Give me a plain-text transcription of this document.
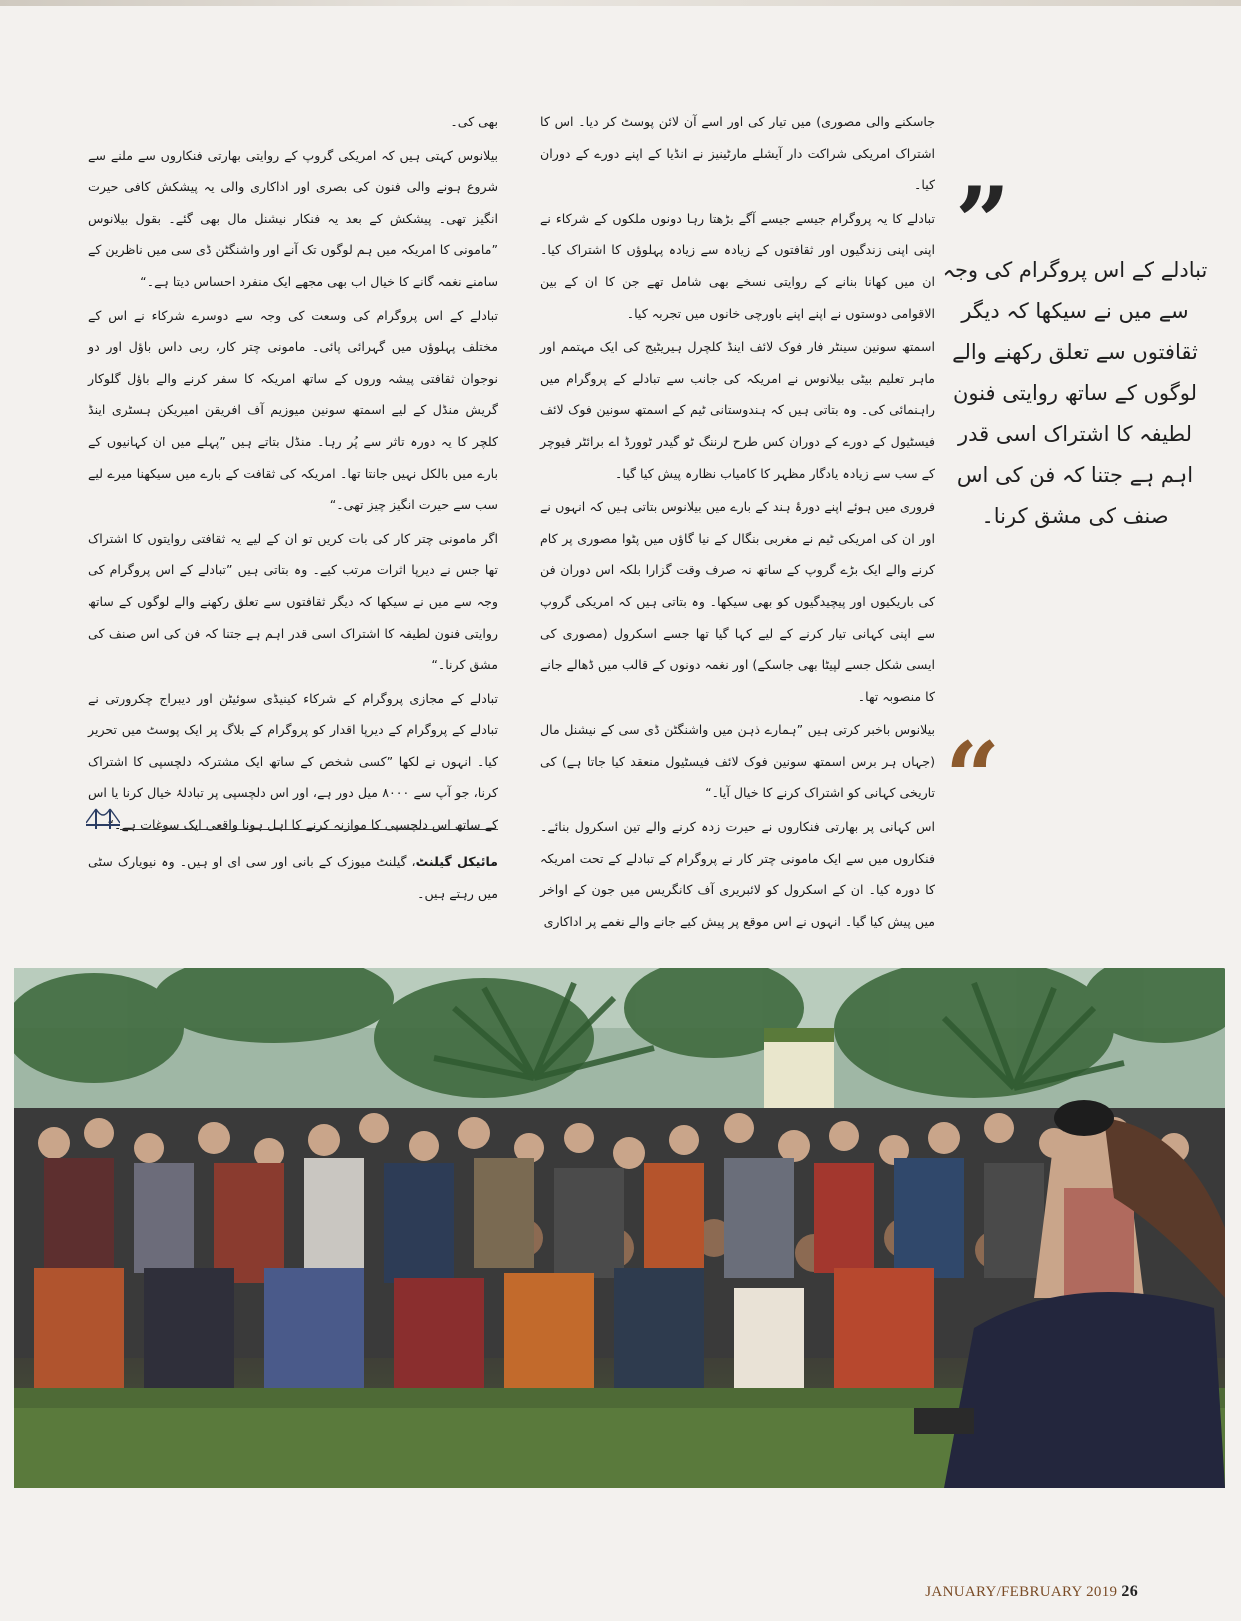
جاسکنے والی مصوری) میں تیار کی اور اسے آن لائن پوسٹ کر دیا۔ اس کا اشتراک امریکی شراکت دار آیشلے مارٹینیز نے انڈیا کے اپنے دورے کے دوران کیا۔

تبادلے کا یہ پروگرام جیسے جیسے آگے بڑھتا رہا دونوں ملکوں کے شرکاء نے اپنی اپنی زندگیوں اور ثقافتوں کے زیادہ سے زیادہ پہلوؤں کا اشتراک کیا۔ ان میں کھانا بنانے کے روایتی نسخے بھی شامل تھے جن کا ان کے بین الاقوامی دوستوں نے اپنے اپنے باورچی خانوں میں تجربہ کیا۔

اسمتھ سونین سینٹر فار فوک لائف اینڈ کلچرل ہیریٹیج کی ایک مہتمم اور ماہر تعلیم بیٹی بیلانوس نے امریکہ کی جانب سے تبادلے کے پروگرام میں راہنمائی کی۔ وہ بتاتی ہیں کہ ہندوستانی ٹیم کے اسمتھ سونین فوک لائف فیسٹیول کے دورے کے دوران کس طرح لرننگ ٹو گیدر ٹوورڈ اے برائٹر فیوچر کے سب سے زیادہ یادگار مظہر کا کامیاب نظارہ پیش کیا گیا۔

فروری میں ہوئے اپنے دورۂ ہند کے بارے میں بیلانوس بتاتی ہیں کہ انہوں نے اور ان کی امریکی ٹیم نے مغربی بنگال کے نیا گاؤں میں پٹوا مصوری پر کام کرنے والے ایک بڑے گروپ کے ساتھ نہ صرف وقت گزارا بلکہ اس دوران فن کی باریکیوں اور پیچیدگیوں کو بھی سیکھا۔ وہ بتاتی ہیں کہ امریکی گروپ سے اپنی کہانی تیار کرنے کے لیے کہا گیا تھا جسے اسکرول (مصوری کی ایسی شکل جسے لپیٹا بھی جاسکے) اور نغمہ دونوں کے قالب میں ڈھالے جانے کا منصوبہ تھا۔

بیلانوس باخبر کرتی ہیں ”ہمارے ذہن میں واشنگٹن ڈی سی کے نیشنل مال (جہاں ہر برس اسمتھ سونین فوک لائف فیسٹیول منعقد کیا جاتا ہے) کی تاریخی کہانی کو اشتراک کرنے کا خیال آیا۔“

اس کہانی پر بھارتی فنکاروں نے حیرت زدہ کرنے والے تین اسکرول بنائے۔ فنکاروں میں سے ایک مامونی چتر کار نے پروگرام کے تبادلے کے تحت امریکہ کا دورہ کیا۔ ان کے اسکرول کو لائبریری آف کانگریس میں جون کے اواخر میں پیش کیا گیا۔ انہوں نے اس موقع پر پیش کیے جانے والے نغمے پر اداکاری

بھی کی۔

بیلانوس کہتی ہیں کہ امریکی گروپ کے روایتی بھارتی فنکاروں سے ملنے سے شروع ہونے والی فنون کی بصری اور اداکاری والی یہ پیشکش کافی حیرت انگیز تھی۔ پیشکش کے بعد یہ فنکار نیشنل مال بھی گئے۔ بقول بیلانوس ”مامونی کا امریکہ میں ہم لوگوں تک آنے اور واشنگٹن ڈی سی میں ناظرین کے سامنے نغمہ گانے کا خیال اب بھی مجھے ایک منفرد احساس دیتا ہے۔“

تبادلے کے اس پروگرام کی وسعت کی وجہ سے دوسرے شرکاء نے اس کے مختلف پہلوؤں میں گہرائی پائی۔ مامونی چتر کار، ربی داس باؤل اور دو نوجوان ثقافتی پیشہ وروں کے ساتھ امریکہ کا سفر کرنے والے باؤل گلوکار گریش منڈل کے لیے اسمتھ سونین میوزیم آف افریقن امیریکن ہسٹری اینڈ کلچر کا یہ دورہ تاثر سے پُر رہا۔ منڈل بتاتے ہیں ”پہلے میں ان کہانیوں کے بارے میں بالکل نہیں جانتا تھا۔ امریکہ کی ثقافت کے بارے میں سیکھنا میرے لیے سب سے حیرت انگیز چیز تھی۔“

اگر مامونی چتر کار کی بات کریں تو ان کے لیے یہ ثقافتی روایتوں کا اشتراک تھا جس نے دیرپا اثرات مرتب کیے۔ وہ بتاتی ہیں ”تبادلے کے اس پروگرام کی وجہ سے میں نے سیکھا کہ دیگر ثقافتوں سے تعلق رکھنے والے لوگوں کے ساتھ روایتی فنون لطیفہ کا اشتراک اسی قدر اہم ہے جتنا کہ فن کی اس صنف کی مشق کرنا۔“

تبادلے کے مجازی پروگرام کے شرکاء کینیڈی سوئیٹن اور دیبراج چکرورتی نے تبادلے کے پروگرام کے دیرپا اقدار کو پروگرام کے بلاگ پر ایک پوسٹ میں تحریر کیا۔ انہوں نے لکھا ”کسی شخص کے ساتھ ایک مشترکہ دلچسپی کا اشتراک کرنا، جو آپ سے ۸۰۰۰ میل دور ہے، اور اس دلچسپی پر تبادلۂ خیال کرنا یا اس کے ساتھ اس دلچسپی کا موازنہ کرنے کا اہل ہونا واقعی ایک سوغات ہے۔“

مائیکل گیلنٹ، گیلنٹ میوزک کے بانی اور سی ای او ہیں۔ وہ نیویارک سٹی میں رہتے ہیں۔

”
تبادلے کے اس پروگرام کی وجہ سے میں نے سیکھا کہ دیگر ثقافتوں سے تعلق رکھنے والے لوگوں کے ساتھ روایتی فنون لطیفہ کا اشتراک اسی قدر اہم ہے جتنا کہ فن کی اس صنف کی مشق کرنا۔
“
JANUARY/FEBRUARY 2019 26
